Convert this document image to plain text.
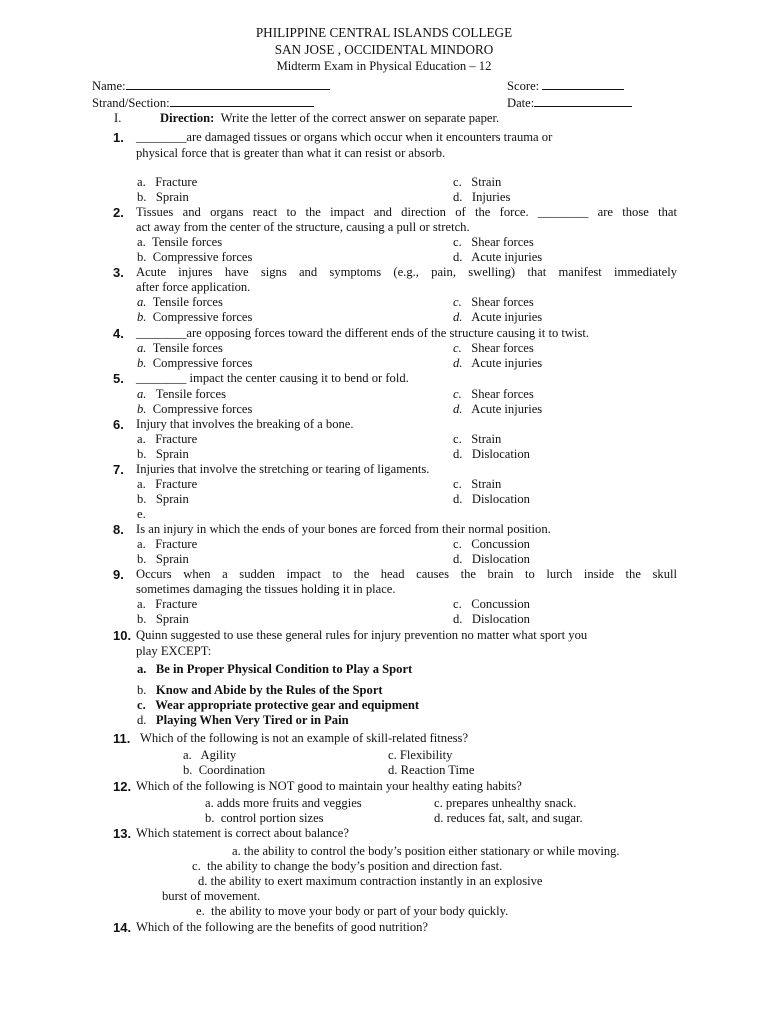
PHILIPPINE CENTRAL ISLANDS COLLEGE
SAN JOSE , OCCIDENTAL MINDORO
Midterm Exam in Physical Education – 12
Name:	Score:
Strand/Section:	Date:
I.	Direction: Write the letter of the correct answer on separate paper.
1. ________are damaged tissues or organs which occur when it encounters trauma or
physical force that is greater than what it can resist or absorb.
a. Fracture	c. Strain
b. Sprain	d. Injuries
2. Tissues and organs react to the impact and direction of the force. ________ are those that
act away from the center of the structure, causing a pull or stretch.
a. Tensile forces	c. Shear forces
b. Compressive forces	d. Acute injuries
3. Acute injures have signs and symptoms (e.g., pain, swelling) that manifest immediately
after force application.
a. Tensile forces	c. Shear forces
b. Compressive forces	d. Acute injuries
4. ________are opposing forces toward the different ends of the structure causing it to twist.
a. Tensile forces	c. Shear forces
b. Compressive forces	d. Acute injuries
5. ________ impact the center causing it to bend or fold.
a. Tensile forces	c. Shear forces
b. Compressive forces	d. Acute injuries
6. Injury that involves the breaking of a bone.
a. Fracture	c. Strain
b. Sprain	d. Dislocation
7. Injuries that involve the stretching or tearing of ligaments.
a. Fracture	c. Strain
b. Sprain	d. Dislocation
e.
8. Is an injury in which the ends of your bones are forced from their normal position.
a. Fracture	c. Concussion
b. Sprain	d. Dislocation
9. Occurs when a sudden impact to the head causes the brain to lurch inside the skull
sometimes damaging the tissues holding it in place.
a. Fracture	c. Concussion
b. Sprain	d. Dislocation
10. Quinn suggested to use these general rules for injury prevention no matter what sport you
play EXCEPT:
a. Be in Proper Physical Condition to Play a Sport
b. Know and Abide by the Rules of the Sport
c. Wear appropriate protective gear and equipment
d. Playing When Very Tired or in Pain
11. Which of the following is not an example of skill-related fitness?
a. Agility	c. Flexibility
b. Coordination	d. Reaction Time
12. Which of the following is NOT good to maintain your healthy eating habits?
a. adds more fruits and veggies	c. prepares unhealthy snack.
b. control portion sizes	d. reduces fat, salt, and sugar.
13. Which statement is correct about balance?
a. the ability to control the body’s position either stationary or while moving.
c. the ability to change the body’s position and direction fast.
d. the ability to exert maximum contraction instantly in an explosive
burst of movement.
e. the ability to move your body or part of your body quickly.
14. Which of the following are the benefits of good nutrition?
